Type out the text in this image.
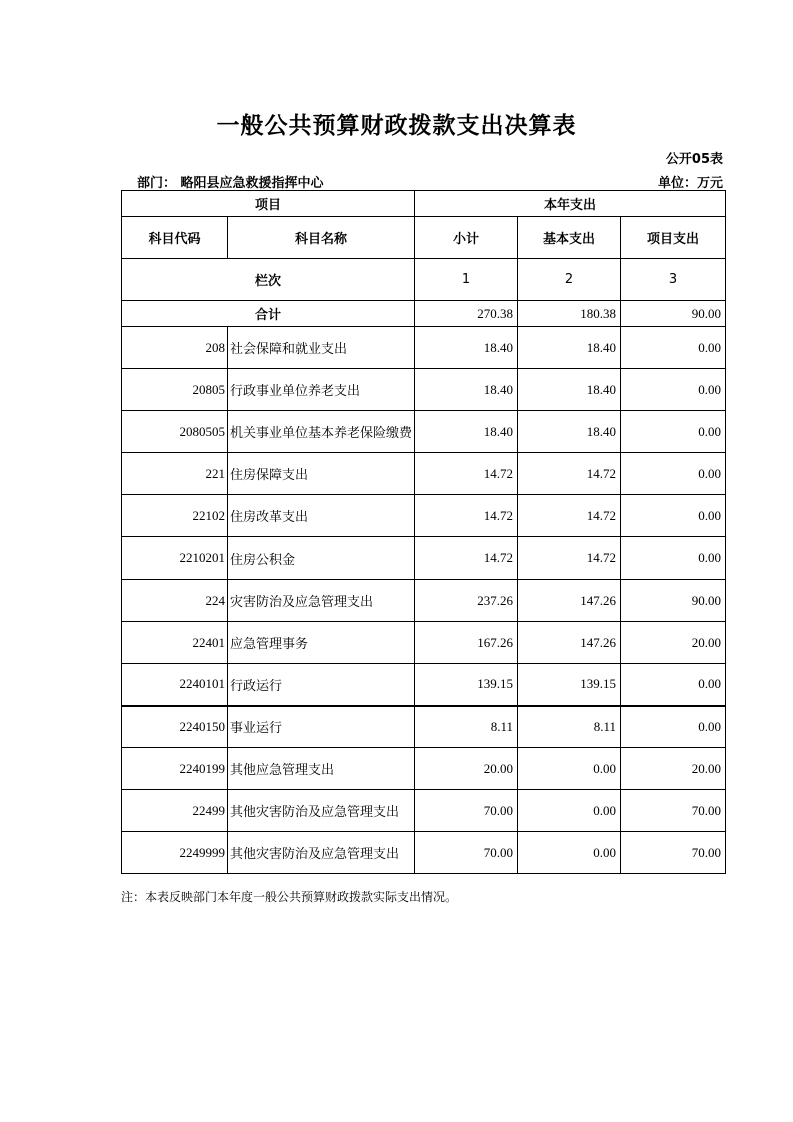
一般公共预算财政拨款支出决算表
公开05表
部门： 略阳县应急救援指挥中心	单位：万元
项目		本年支出		
科目代码	科目名称	小计	基本支出	项目支出
栏次		1	2	3
合计		270.38	180.38	90.00
208	社会保障和就业支出	18.40	18.40	0.00
20805	行政事业单位养老支出	18.40	18.40	0.00
2080505	机关事业单位基本养老保险缴费	18.40	18.40	0.00
221	住房保障支出	14.72	14.72	0.00
22102	住房改革支出	14.72	14.72	0.00
2210201	住房公积金	14.72	14.72	0.00
224	灾害防治及应急管理支出	237.26	147.26	90.00
22401	应急管理事务	167.26	147.26	20.00
2240101	行政运行	139.15	139.15	0.00
2240150	事业运行	8.11	8.11	0.00
2240199	其他应急管理支出	20.00	0.00	20.00
22499	其他灾害防治及应急管理支出	70.00	0.00	70.00
2249999	其他灾害防治及应急管理支出	70.00	0.00	70.00
注：本表反映部门本年度一般公共预算财政拨款实际支出情况。
